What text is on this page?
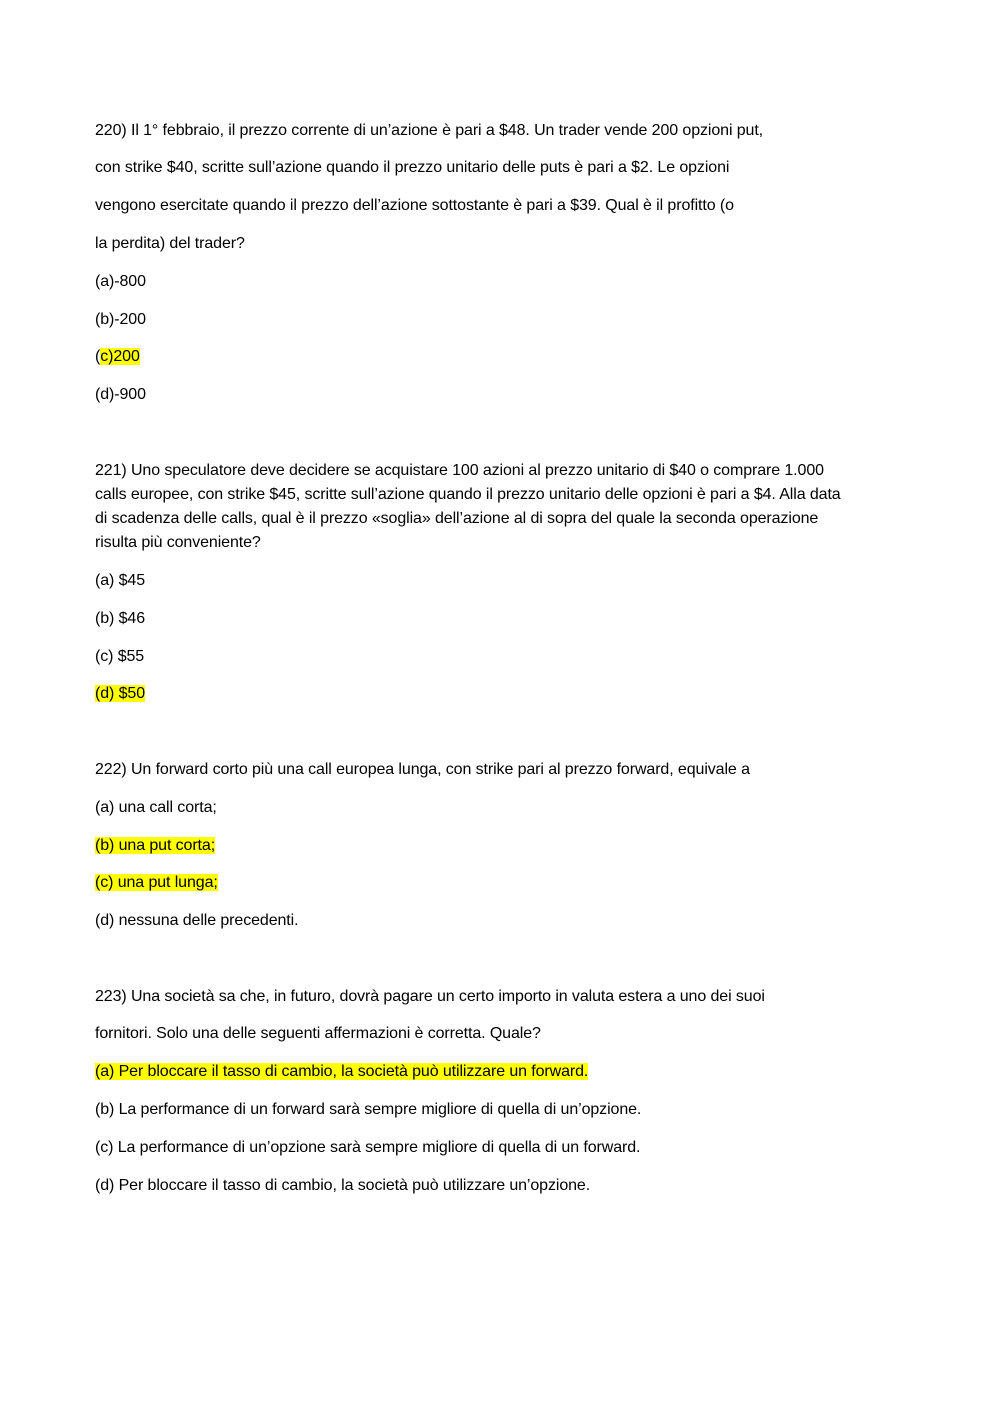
220) Il 1° febbraio, il prezzo corrente di un’azione è pari a $48. Un trader vende 200 opzioni put,
con strike $40, scritte sull’azione quando il prezzo unitario delle puts è pari a $2. Le opzioni
vengono esercitate quando il prezzo dell’azione sottostante è pari a $39. Qual è il profitto (o
la perdita) del trader?
(a)-800
(b)-200
(c)200
(d)-900
221) Uno speculatore deve decidere se acquistare 100 azioni al prezzo unitario di $40 o comprare 1.000
calls europee, con strike $45, scritte sull’azione quando il prezzo unitario delle opzioni è pari a $4. Alla data
di scadenza delle calls, qual è il prezzo «soglia» dell’azione al di sopra del quale la seconda operazione
risulta più conveniente?
(a) $45
(b) $46
(c) $55
(d) $50
222) Un forward corto più una call europea lunga, con strike pari al prezzo forward, equivale a
(a) una call corta;
(b) una put corta;
(c) una put lunga;
(d) nessuna delle precedenti.
223) Una società sa che, in futuro, dovrà pagare un certo importo in valuta estera a uno dei suoi
fornitori. Solo una delle seguenti affermazioni è corretta. Quale?
(a) Per bloccare il tasso di cambio, la società può utilizzare un forward.
(b) La performance di un forward sarà sempre migliore di quella di un’opzione.
(c) La performance di un’opzione sarà sempre migliore di quella di un forward.
(d) Per bloccare il tasso di cambio, la società può utilizzare un’opzione.
